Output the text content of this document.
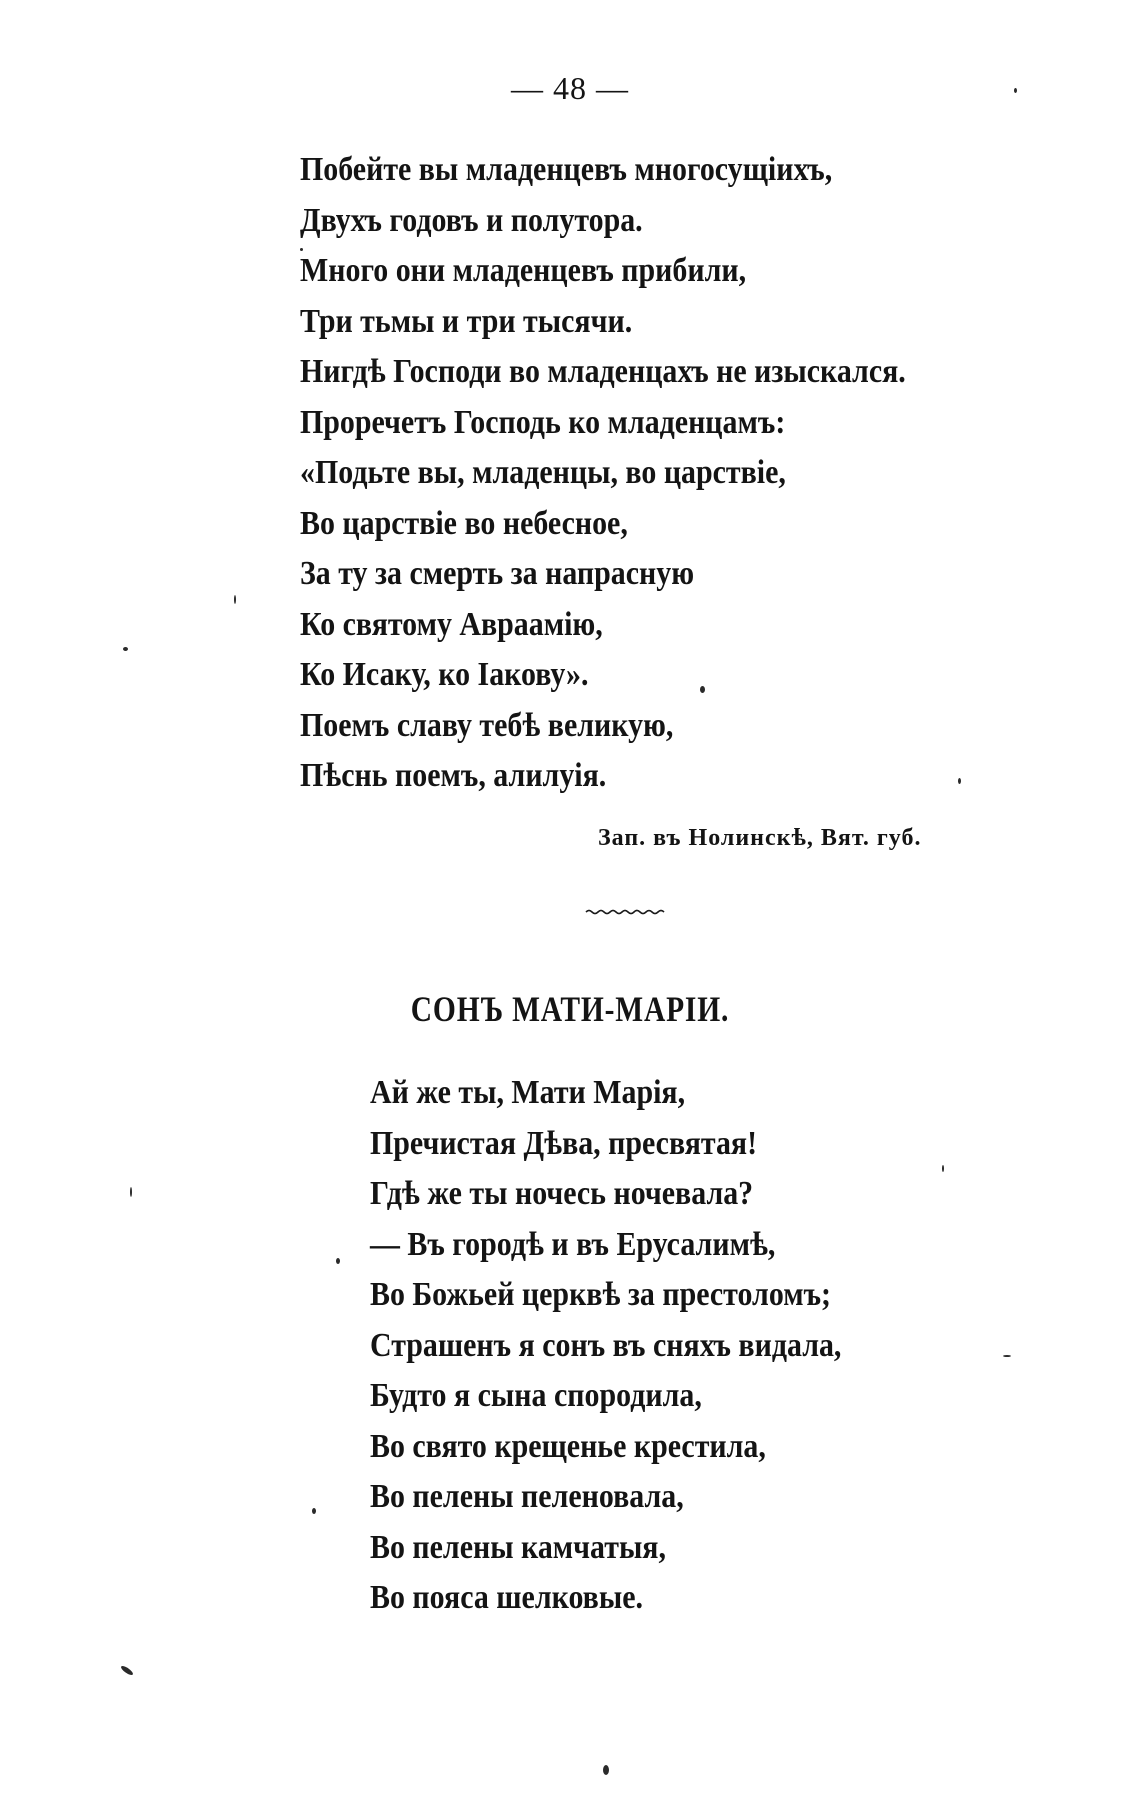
— 48 —
Побейте вы младенцевъ многосущіихъ,
Двухъ годовъ и полутора.
Много они младенцевъ прибили,
Три тьмы и три тысячи.
Нигдѣ Господи во младенцахъ не изыскался.
Проречетъ Господь ко младенцамъ:
«Подьте вы, младенцы, во царствіе,
Во царствіе во небесное,
За ту за смерть за напрасную
Ко святому Авраамію,
Ко Исаку, ко Іакову».
Поемъ славу тебѣ великую,
Пѣснь поемъ, алилуія.
Зап. въ Нолинскѣ, Вят. губ.
СОНЪ МАТИ-МАРІИ.
Ай же ты, Мати Марія,
Пречистая Дѣва, пресвятая!
Гдѣ же ты ночесь ночевала?
— Въ городѣ и въ Ерусалимѣ,
Во Божьей церквѣ за престоломъ;
Страшенъ я сонъ въ сняхъ видала,
Будто я сына спородила,
Во свято крещенье крестила,
Во пелены пеленовала,
Во пелены камчатыя,
Во пояса шелковые.
